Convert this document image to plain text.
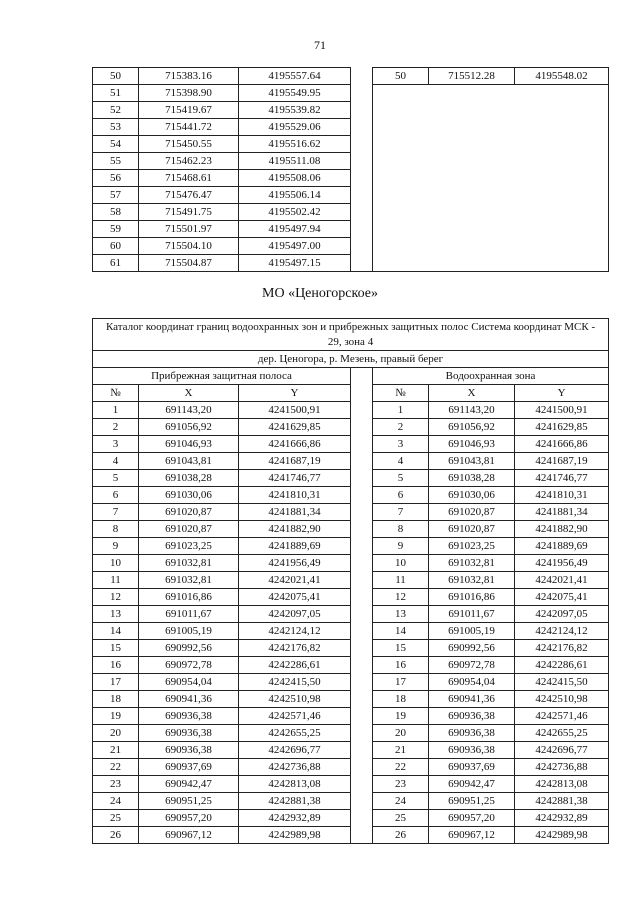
71
50	715383.16	4195557.64		50	715512.28	4195548.02
51	715398.90	4195549.95				
52	715419.67	4195539.82				
53	715441.72	4195529.06				
54	715450.55	4195516.62				
55	715462.23	4195511.08				
56	715468.61	4195508.06				
57	715476.47	4195506.14				
58	715491.75	4195502.42				
59	715501.97	4195497.94				
60	715504.10	4195497.00				
61	715504.87	4195497.15				
МО «Ценогорское»
Каталог координат границ водоохранных зон и прибрежных защитных полос Система координат МСК - 29, зона 4						
дер. Ценогора, р. Мезень, правый берег						
Прибрежная защитная полоса				Водоохранная зона		
№	X	Y		№	X	Y
1	691143,20	4241500,91		1	691143,20	4241500,91
2	691056,92	4241629,85		2	691056,92	4241629,85
3	691046,93	4241666,86		3	691046,93	4241666,86
4	691043,81	4241687,19		4	691043,81	4241687,19
5	691038,28	4241746,77		5	691038,28	4241746,77
6	691030,06	4241810,31		6	691030,06	4241810,31
7	691020,87	4241881,34		7	691020,87	4241881,34
8	691020,87	4241882,90		8	691020,87	4241882,90
9	691023,25	4241889,69		9	691023,25	4241889,69
10	691032,81	4241956,49		10	691032,81	4241956,49
11	691032,81	4242021,41		11	691032,81	4242021,41
12	691016,86	4242075,41		12	691016,86	4242075,41
13	691011,67	4242097,05		13	691011,67	4242097,05
14	691005,19	4242124,12		14	691005,19	4242124,12
15	690992,56	4242176,82		15	690992,56	4242176,82
16	690972,78	4242286,61		16	690972,78	4242286,61
17	690954,04	4242415,50		17	690954,04	4242415,50
18	690941,36	4242510,98		18	690941,36	4242510,98
19	690936,38	4242571,46		19	690936,38	4242571,46
20	690936,38	4242655,25		20	690936,38	4242655,25
21	690936,38	4242696,77		21	690936,38	4242696,77
22	690937,69	4242736,88		22	690937,69	4242736,88
23	690942,47	4242813,08		23	690942,47	4242813,08
24	690951,25	4242881,38		24	690951,25	4242881,38
25	690957,20	4242932,89		25	690957,20	4242932,89
26	690967,12	4242989,98		26	690967,12	4242989,98
